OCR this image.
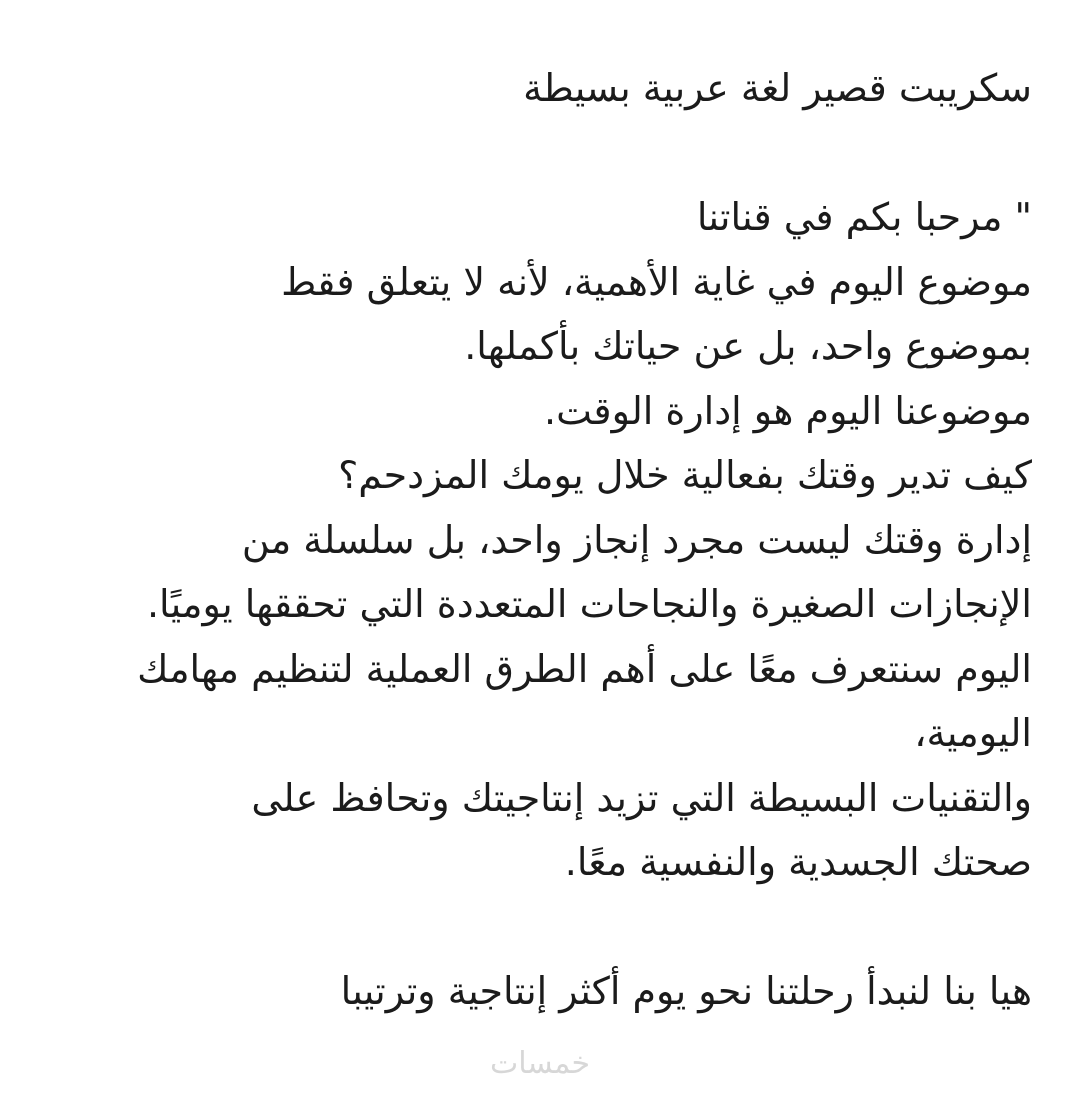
سكريبت قصير لغة عربية بسيطة
" مرحبا بكم في قناتنا
موضوع اليوم في غاية الأهمية، لأنه لا يتعلق فقط
بموضوع واحد، بل عن حياتك بأكملها.
موضوعنا اليوم هو إدارة الوقت.
كيف تدير وقتك بفعالية خلال يومك المزدحم؟
إدارة وقتك ليست مجرد إنجاز واحد، بل سلسلة من
الإنجازات الصغيرة والنجاحات المتعددة التي تحققها يوميًا.
اليوم سنتعرف معًا على أهم الطرق العملية لتنظيم مهامك
اليومية،
والتقنيات البسيطة التي تزيد إنتاجيتك وتحافظ على
صحتك الجسدية والنفسية معًا.
هيا بنا لنبدأ رحلتنا نحو يوم أكثر إنتاجية وترتيبا
خمسات
